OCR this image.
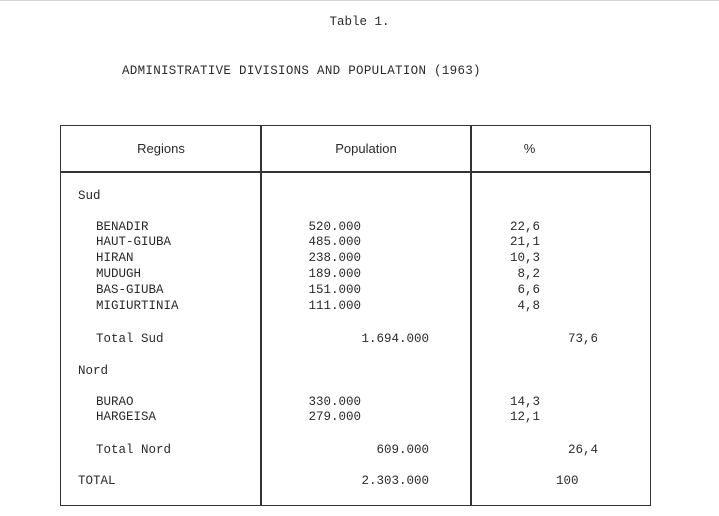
Table 1.
ADMINISTRATIVE DIVISIONS AND POPULATION (1963)
Regions	Population	%
Sud
BENADIR	520.000	22,6
HAUT-GIUBA	485.000	21,1
HIRAN	238.000	10,3
MUDUGH	189.000	8,2
BAS-GIUBA	151.000	6,6
MIGIURTINIA	111.000	4,8
Total Sud	1.694.000	73,6
Nord
BURAO	330.000	14,3
HARGEISA	279.000	12,1
Total Nord	609.000	26,4
TOTAL	2.303.000	100
